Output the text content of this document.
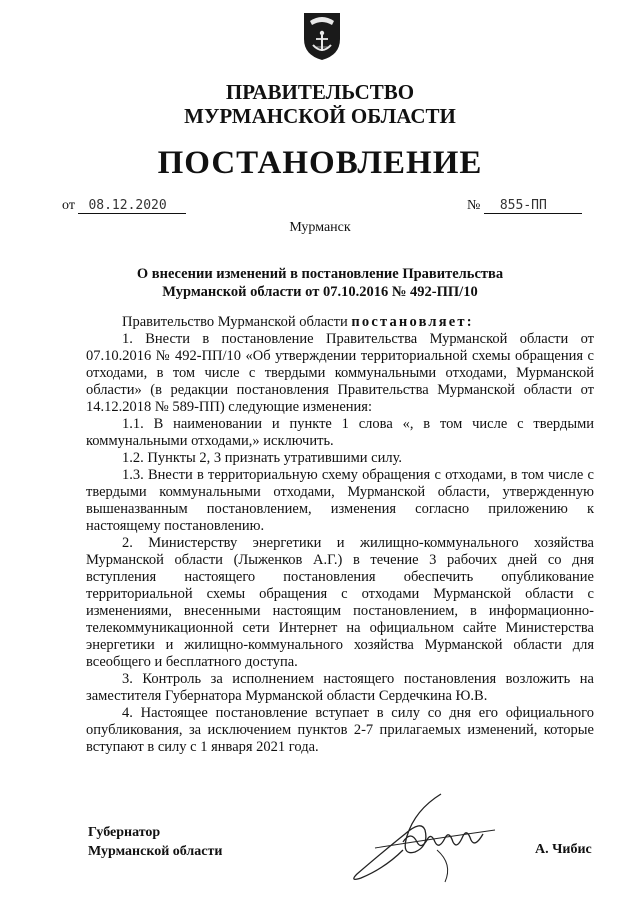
ПРАВИТЕЛЬСТВО
МУРМАНСКОЙ ОБЛАСТИ
ПОСТАНОВЛЕНИЕ
от 08.12.2020	№ 855-ПП
Мурманск
О внесении изменений в постановление Правительства
Мурманской области от 07.10.2016 № 492-ПП/10

Правительство Мурманской области постановляет:

1. Внести в постановление Правительства Мурманской области от 07.10.2016 № 492-ПП/10 «Об утверждении территориальной схемы обращения с отходами, в том числе с твердыми коммунальными отходами, Мурманской области» (в редакции постановления Правительства Мурманской области от 14.12.2018 № 589-ПП) следующие изменения:

1.1. В наименовании и пункте 1 слова «, в том числе с твердыми коммунальными отходами,» исключить.

1.2. Пункты 2, 3 признать утратившими силу.

1.3. Внести в территориальную схему обращения с отходами, в том числе с твердыми коммунальными отходами, Мурманской области, утвержденную вышеназванным постановлением, изменения согласно приложению к настоящему постановлению.

2. Министерству энергетики и жилищно-коммунального хозяйства Мурманской области (Лыженков А.Г.) в течение 3 рабочих дней со дня вступления настоящего постановления обеспечить опубликование территориальной схемы обращения с отходами Мурманской области с изменениями, внесенными настоящим постановлением, в информационно-телекоммуникационной сети Интернет на официальном сайте Министерства энергетики и жилищно-коммунального хозяйства Мурманской области для всеобщего и бесплатного доступа.

3. Контроль за исполнением настоящего постановления возложить на заместителя Губернатора Мурманской области Сердечкина Ю.В.

4. Настоящее постановление вступает в силу со дня его официального опубликования, за исключением пунктов 2-7 прилагаемых изменений, которые вступают в силу с 1 января 2021 года.

Губернатор
Мурманской области	А. Чибис
